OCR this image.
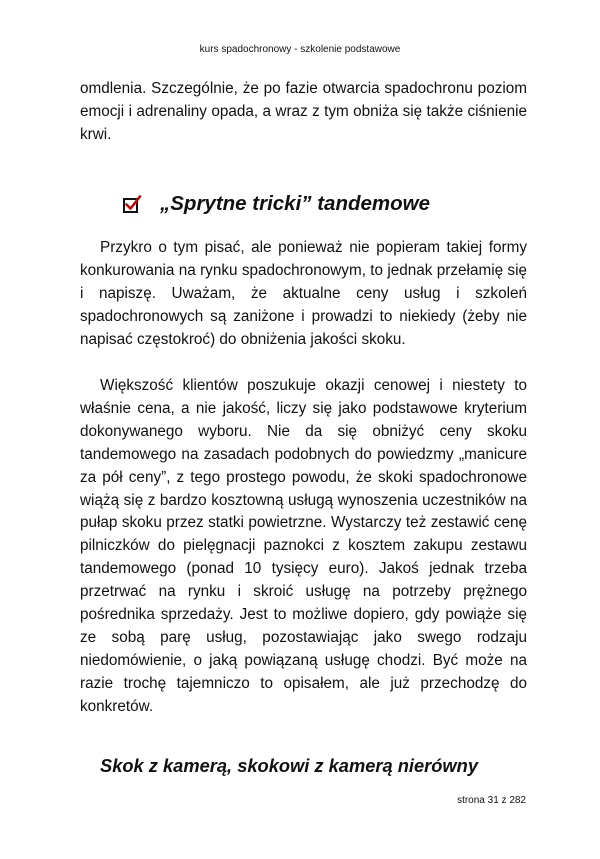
kurs spadochronowy - szkolenie podstawowe

omdlenia. Szczególnie, że po fazie otwarcia spadochronu poziom emocji i adrenaliny opada, a wraz z tym obniża się także ciśnienie krwi.

„Sprytne tricki” tandemowe

Przykro o tym pisać, ale ponieważ nie popieram takiej formy konkurowania na rynku spadochronowym, to jednak przełamię się i napiszę. Uważam, że aktualne ceny usług i szkoleń spadochronowych są zaniżone i prowadzi to niekiedy (żeby nie napisać częstokroć) do obniżenia jakości skoku.

Większość klientów poszukuje okazji cenowej i niestety to właśnie cena, a nie jakość, liczy się jako podstawowe kryterium dokonywanego wyboru. Nie da się obniżyć ceny skoku tandemowego na zasadach podobnych do powiedzmy „manicure za pół ceny”, z tego prostego powodu, że skoki spadochronowe wiążą się z bardzo kosztowną usługą wynoszenia uczestników na pułap skoku przez statki powietrzne. Wystarczy też zestawić cenę pilniczków do pielęgnacji paznokci z kosztem zakupu zestawu tandemowego (ponad 10 tysięcy euro). Jakoś jednak trzeba przetrwać na rynku i skroić usługę na potrzeby prężnego pośrednika sprzedaży. Jest to możliwe dopiero, gdy powiąże się ze sobą parę usług, pozostawiając jako swego rodzaju niedomówienie, o jaką powiązaną usługę chodzi. Być może na razie trochę tajemniczo to opisałem, ale już przechodzę do konkretów.

Skok z kamerą, skokowi z kamerą nierówny
strona 31 z 282
